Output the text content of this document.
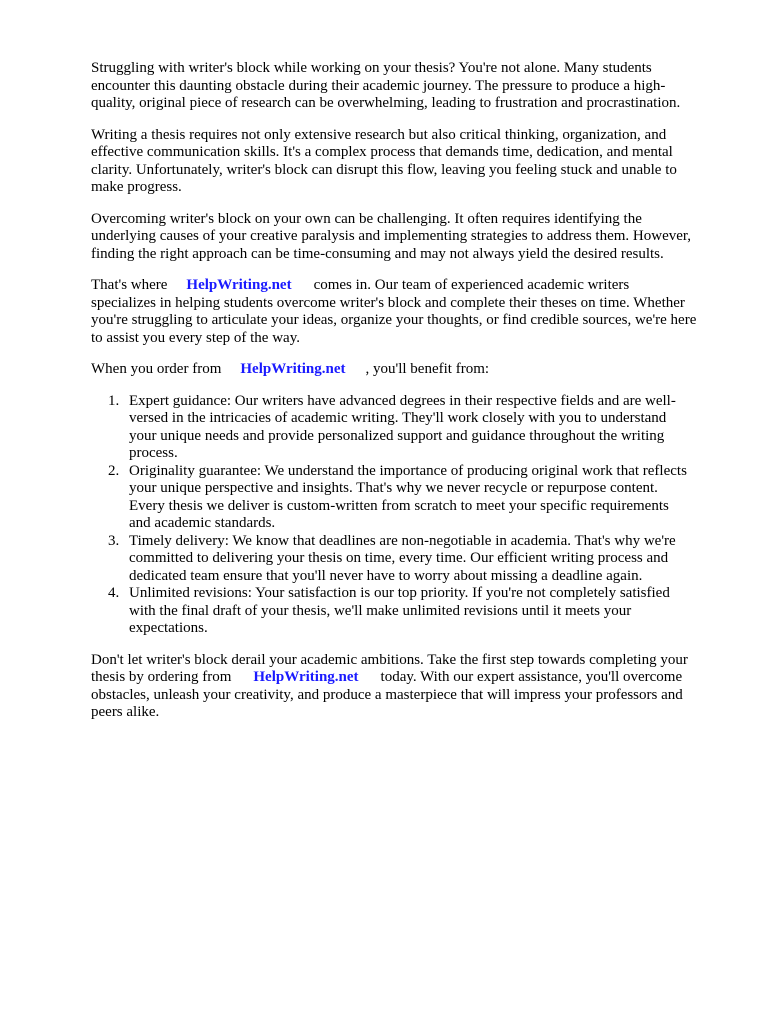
Struggling with writer's block while working on your thesis? You're not alone. Many students
encounter this daunting obstacle during their academic journey. The pressure to produce a high-
quality, original piece of research can be overwhelming, leading to frustration and procrastination.

Writing a thesis requires not only extensive research but also critical thinking, organization, and
effective communication skills. It's a complex process that demands time, dedication, and mental
clarity. Unfortunately, writer's block can disrupt this flow, leaving you feeling stuck and unable to
make progress.

Overcoming writer's block on your own can be challenging. It often requires identifying the
underlying causes of your creative paralysis and implementing strategies to address them. However,
finding the right approach can be time-consuming and may not always yield the desired results.

That's where HelpWriting.net comes in. Our team of experienced academic writers
specializes in helping students overcome writer's block and complete their theses on time. Whether
you're struggling to articulate your ideas, organize your thoughts, or find credible sources, we're here
to assist you every step of the way.

When you order from HelpWriting.net , you'll benefit from:

1. Expert guidance: Our writers have advanced degrees in their respective fields and are well-
versed in the intricacies of academic writing. They'll work closely with you to understand
your unique needs and provide personalized support and guidance throughout the writing
process.
2. Originality guarantee: We understand the importance of producing original work that reflects
your unique perspective and insights. That's why we never recycle or repurpose content.
Every thesis we deliver is custom-written from scratch to meet your specific requirements
and academic standards.
3. Timely delivery: We know that deadlines are non-negotiable in academia. That's why we're
committed to delivering your thesis on time, every time. Our efficient writing process and
dedicated team ensure that you'll never have to worry about missing a deadline again.
4. Unlimited revisions: Your satisfaction is our top priority. If you're not completely satisfied
with the final draft of your thesis, we'll make unlimited revisions until it meets your
expectations.

Don't let writer's block derail your academic ambitions. Take the first step towards completing your
thesis by ordering from HelpWriting.net today. With our expert assistance, you'll overcome
obstacles, unleash your creativity, and produce a masterpiece that will impress your professors and
peers alike.
